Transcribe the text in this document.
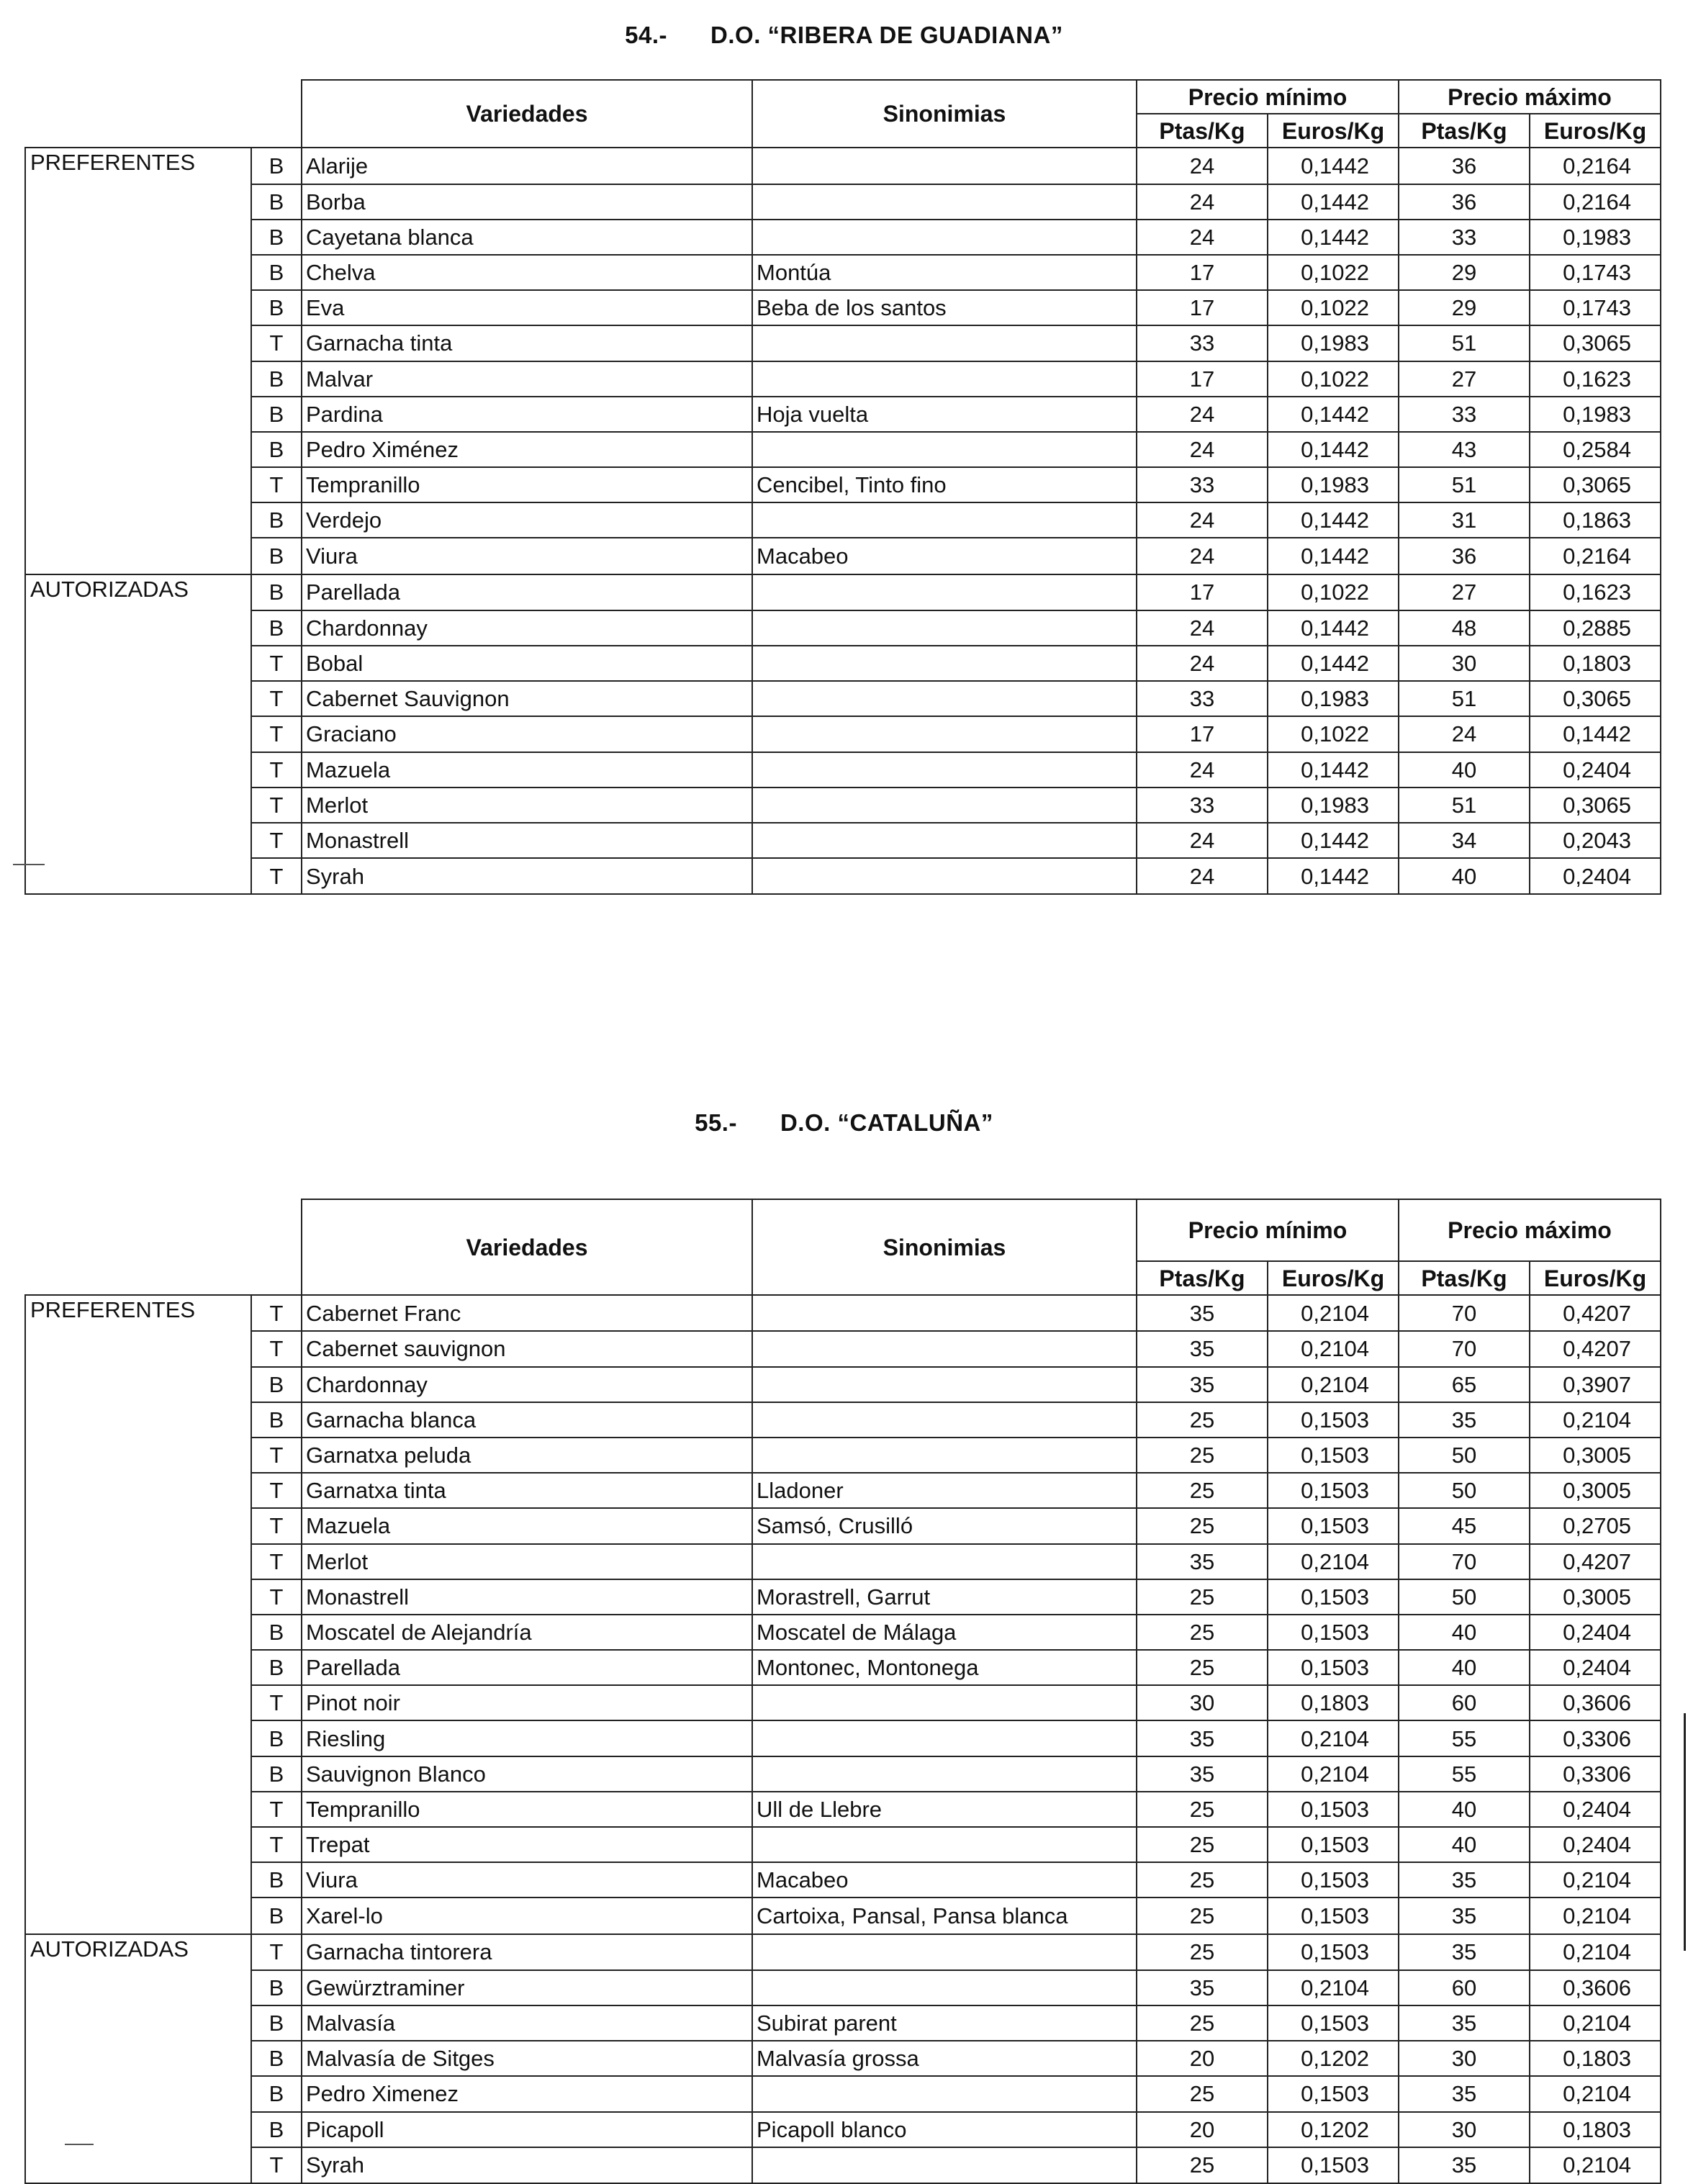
54.- D.O. “RIBERA DE GUADIANA”
		Variedades	Sinonimias	Precio mínimo		Precio máximo	
				Ptas/Kg	Euros/Kg	Ptas/Kg	Euros/Kg
PREFERENTES	B	Alarije		24	0,1442	36	0,2164
	B	Borba		24	0,1442	36	0,2164
	B	Cayetana blanca		24	0,1442	33	0,1983
	B	Chelva	Montúa	17	0,1022	29	0,1743
	B	Eva	Beba de los santos	17	0,1022	29	0,1743
	T	Garnacha tinta		33	0,1983	51	0,3065
	B	Malvar		17	0,1022	27	0,1623
	B	Pardina	Hoja vuelta	24	0,1442	33	0,1983
	B	Pedro Ximénez		24	0,1442	43	0,2584
	T	Tempranillo	Cencibel, Tinto fino	33	0,1983	51	0,3065
	B	Verdejo		24	0,1442	31	0,1863
	B	Viura	Macabeo	24	0,1442	36	0,2164
AUTORIZADAS	B	Parellada		17	0,1022	27	0,1623
	B	Chardonnay		24	0,1442	48	0,2885
	T	Bobal		24	0,1442	30	0,1803
	T	Cabernet Sauvignon		33	0,1983	51	0,3065
	T	Graciano		17	0,1022	24	0,1442
	T	Mazuela		24	0,1442	40	0,2404
	T	Merlot		33	0,1983	51	0,3065
	T	Monastrell		24	0,1442	34	0,2043
	T	Syrah		24	0,1442	40	0,2404
55.- D.O. “CATALUÑA”
		Variedades	Sinonimias	Precio mínimo		Precio máximo	
				Ptas/Kg	Euros/Kg	Ptas/Kg	Euros/Kg
PREFERENTES	T	Cabernet Franc		35	0,2104	70	0,4207
	T	Cabernet sauvignon		35	0,2104	70	0,4207
	B	Chardonnay		35	0,2104	65	0,3907
	B	Garnacha blanca		25	0,1503	35	0,2104
	T	Garnatxa peluda		25	0,1503	50	0,3005
	T	Garnatxa tinta	Lladoner	25	0,1503	50	0,3005
	T	Mazuela	Samsó, Crusilló	25	0,1503	45	0,2705
	T	Merlot		35	0,2104	70	0,4207
	T	Monastrell	Morastrell, Garrut	25	0,1503	50	0,3005
	B	Moscatel de Alejandría	Moscatel de Málaga	25	0,1503	40	0,2404
	B	Parellada	Montonec, Montonega	25	0,1503	40	0,2404
	T	Pinot noir		30	0,1803	60	0,3606
	B	Riesling		35	0,2104	55	0,3306
	B	Sauvignon Blanco		35	0,2104	55	0,3306
	T	Tempranillo	Ull de Llebre	25	0,1503	40	0,2404
	T	Trepat		25	0,1503	40	0,2404
	B	Viura	Macabeo	25	0,1503	35	0,2104
	B	Xarel-lo	Cartoixa, Pansal, Pansa blanca	25	0,1503	35	0,2104
AUTORIZADAS	T	Garnacha tintorera		25	0,1503	35	0,2104
	B	Gewürztraminer		35	0,2104	60	0,3606
	B	Malvasía	Subirat parent	25	0,1503	35	0,2104
	B	Malvasía de Sitges	Malvasía grossa	20	0,1202	30	0,1803
	B	Pedro Ximenez		25	0,1503	35	0,2104
	B	Picapoll	Picapoll blanco	20	0,1202	30	0,1803
	T	Syrah		25	0,1503	35	0,2104
